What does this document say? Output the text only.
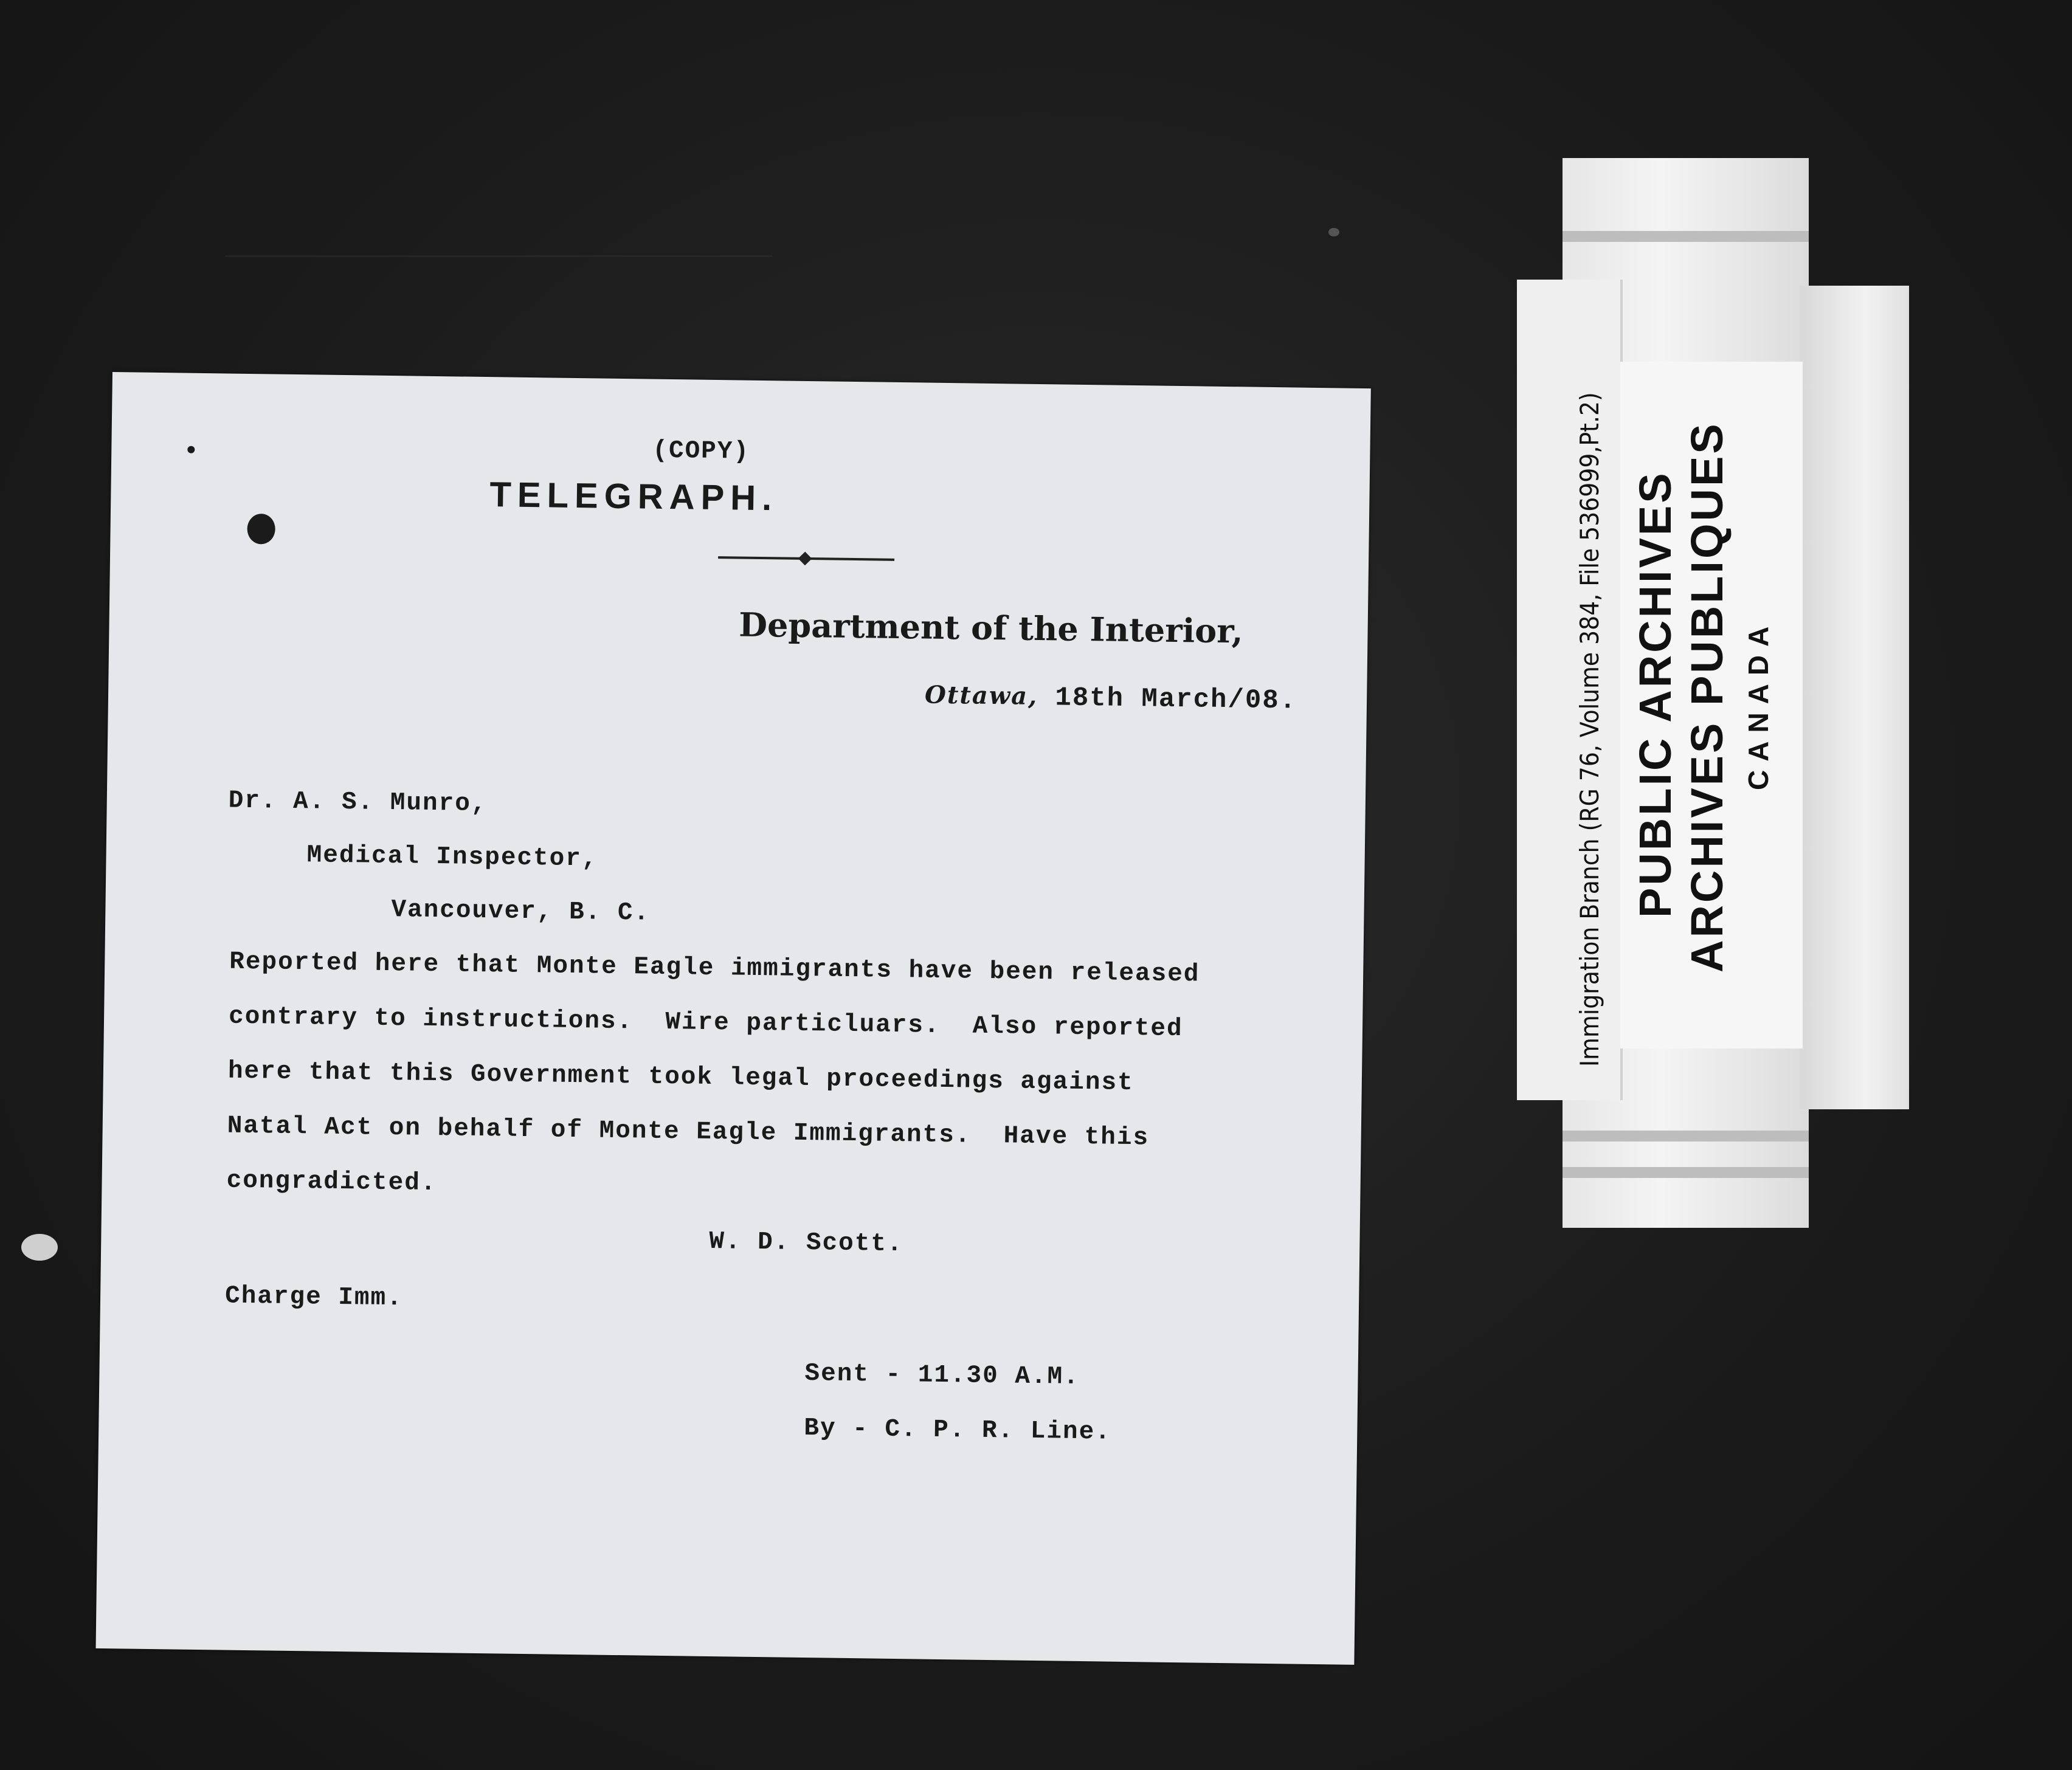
(COPY)
TELEGRAPH.
Department of the Interior,
Ottawa, 18th March/08.
Dr. A. S. Munro,
Medical Inspector,
Vancouver, B. C.
Reported here that Monte Eagle immigrants have been released
contrary to instructions.  Wire particluars.  Also reported
here that this Government took legal proceedings against
Natal Act on behalf of Monte Eagle Immigrants.  Have this
congradicted.
W. D. Scott.
Charge Imm.
Sent - 11.30 A.M.
By - C. P. R. Line.
Immigration Branch (RG 76, Volume 384, File 536999,Pt.2) PUBLIC ARCHIVES ARCHIVES PUBLIQUES CANADA
